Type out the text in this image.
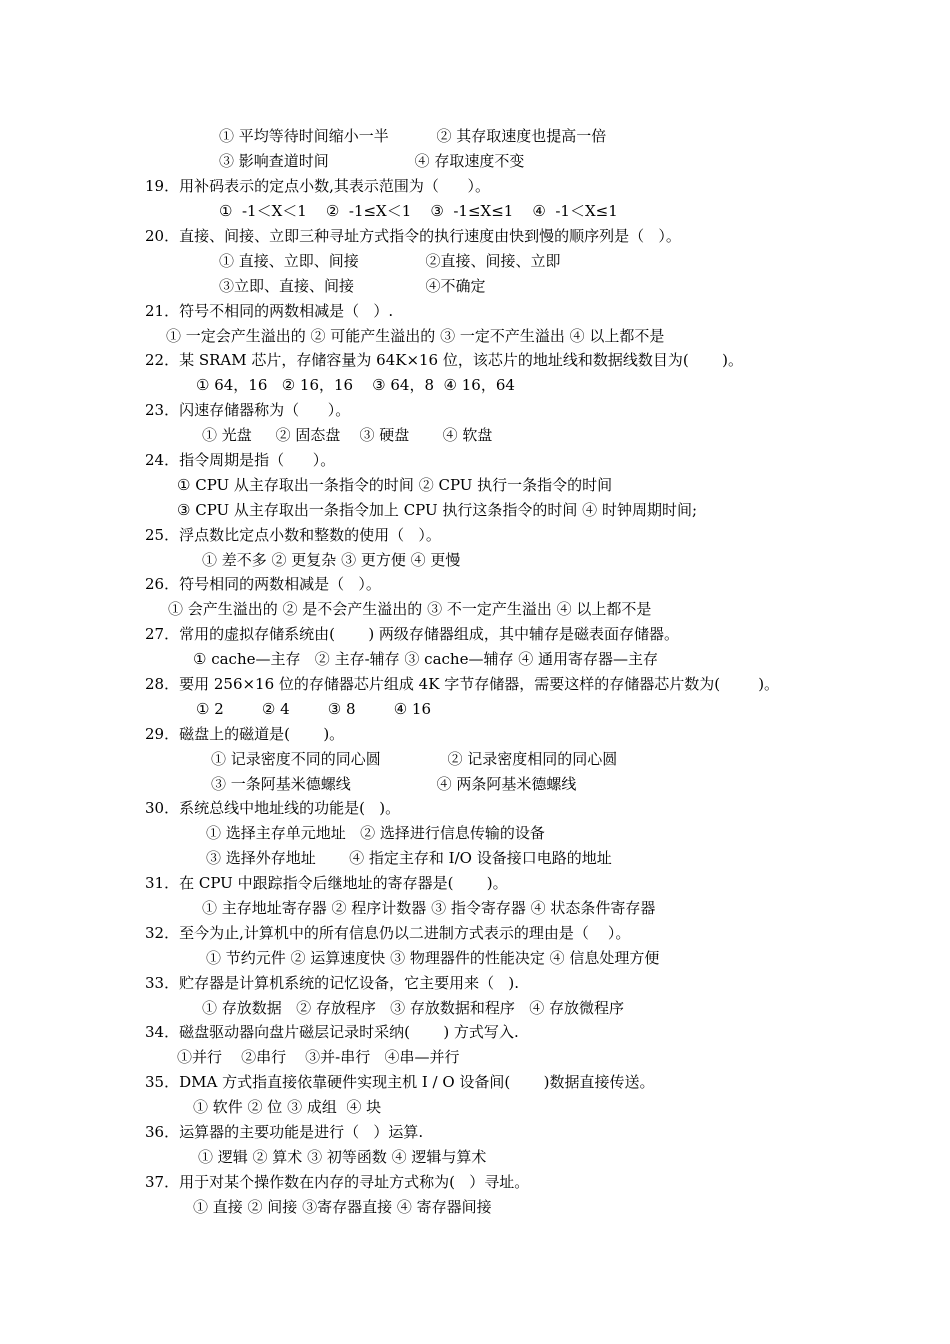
① 平均等待时间缩小一半          ② 其存取速度也提高一倍
③ 影响查道时间                  ④ 存取速度不变
19．用补码表示的定点小数,其表示范围为（      ）。
①  -1＜X＜1    ②  -1≤X＜1    ③  -1≤X≤1    ④  -1＜X≤1
20．直接、间接、立即三种寻址方式指令的执行速度由快到慢的顺序列是（   ）。
① 直接、立即、间接              ②直接、间接、立即
③立即、直接、间接               ④不确定
21．符号不相同的两数相减是（   ）.
① 一定会产生溢出的 ② 可能产生溢出的 ③ 一定不产生溢出 ④ 以上都不是
22．某 SRAM 芯片，存储容量为 64K×16 位，该芯片的地址线和数据线数目为(       )。
① 64，16   ② 16，16    ③ 64，8  ④ 16，64
23．闪速存储器称为（      ）。
① 光盘     ② 固态盘    ③ 硬盘       ④ 软盘
24．指令周期是指（      ）。
① CPU 从主存取出一条指令的时间 ② CPU 执行一条指令的时间
③ CPU 从主存取出一条指令加上 CPU 执行这条指令的时间 ④ 时钟周期时间;
25．浮点数比定点小数和整数的使用（   ）。
① 差不多 ② 更复杂 ③ 更方便 ④ 更慢
26．符号相同的两数相减是（   ）。
① 会产生溢出的 ② 是不会产生溢出的 ③ 不一定产生溢出 ④ 以上都不是
27．常用的虚拟存储系统由(       ) 两级存储器组成，其中辅存是磁表面存储器。
① cache—主存   ② 主存-辅存 ③ cache—辅存 ④ 通用寄存器—主存
28．要用 256×16 位的存储器芯片组成 4K 字节存储器，需要这样的存储器芯片数为(        )。
① 2        ② 4        ③ 8        ④ 16
29．磁盘上的磁道是(       )。
① 记录密度不同的同心圆              ② 记录密度相同的同心圆
③ 一条阿基米德螺线                  ④ 两条阿基米德螺线
30．系统总线中地址线的功能是(   )。
① 选择主存单元地址   ② 选择进行信息传输的设备
③ 选择外存地址       ④ 指定主存和 I/O 设备接口电路的地址
31．在 CPU 中跟踪指令后继地址的寄存器是(       )。
① 主存地址寄存器 ② 程序计数器 ③ 指令寄存器 ④ 状态条件寄存器
32．至今为止,计算机中的所有信息仍以二进制方式表示的理由是（    ）。
① 节约元件 ② 运算速度快 ③ 物理器件的性能决定 ④ 信息处理方便
33．贮存器是计算机系统的记忆设备，它主要用来（   ).
① 存放数据   ② 存放程序   ③ 存放数据和程序   ④ 存放微程序
34．磁盘驱动器向盘片磁层记录时采纳(       ) 方式写入.
①并行    ②串行    ③并-串行   ④串—并行
35．DMA 方式指直接依靠硬件实现主机 I / O 设备间(       )数据直接传送。
① 软件 ② 位 ③ 成组  ④ 块
36．运算器的主要功能是进行（   ）运算.
① 逻辑 ② 算术 ③ 初等函数 ④ 逻辑与算术
37．用于对某个操作数在内存的寻址方式称为(   ）寻址。
① 直接 ② 间接 ③寄存器直接 ④ 寄存器间接
